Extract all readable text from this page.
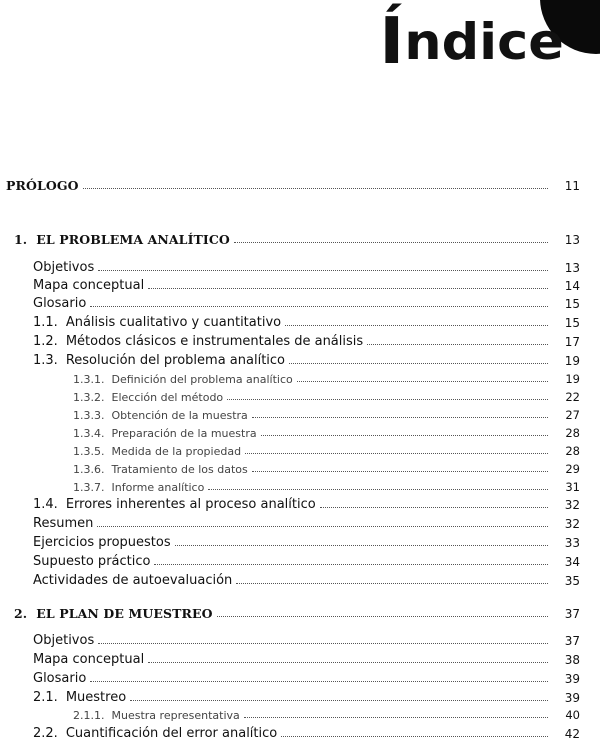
Índice
PRÓLOGO	11
1. EL PROBLEMA ANALÍTICO	13
Objetivos	13
Mapa conceptual	14
Glosario	15
1.1. Análisis cualitativo y cuantitativo	15
1.2. Métodos clásicos e instrumentales de análisis	17
1.3. Resolución del problema analítico	19
1.3.1. Definición del problema analítico	19
1.3.2. Elección del método	22
1.3.3. Obtención de la muestra	27
1.3.4. Preparación de la muestra	28
1.3.5. Medida de la propiedad	28
1.3.6. Tratamiento de los datos	29
1.3.7. Informe analítico	31
1.4. Errores inherentes al proceso analítico	32
Resumen	32
Ejercicios propuestos	33
Supuesto práctico	34
Actividades de autoevaluación	35
2. EL PLAN DE MUESTREO	37
Objetivos	37
Mapa conceptual	38
Glosario	39
2.1. Muestreo	39
2.1.1. Muestra representativa	40
2.2. Cuantificación del error analítico	42
